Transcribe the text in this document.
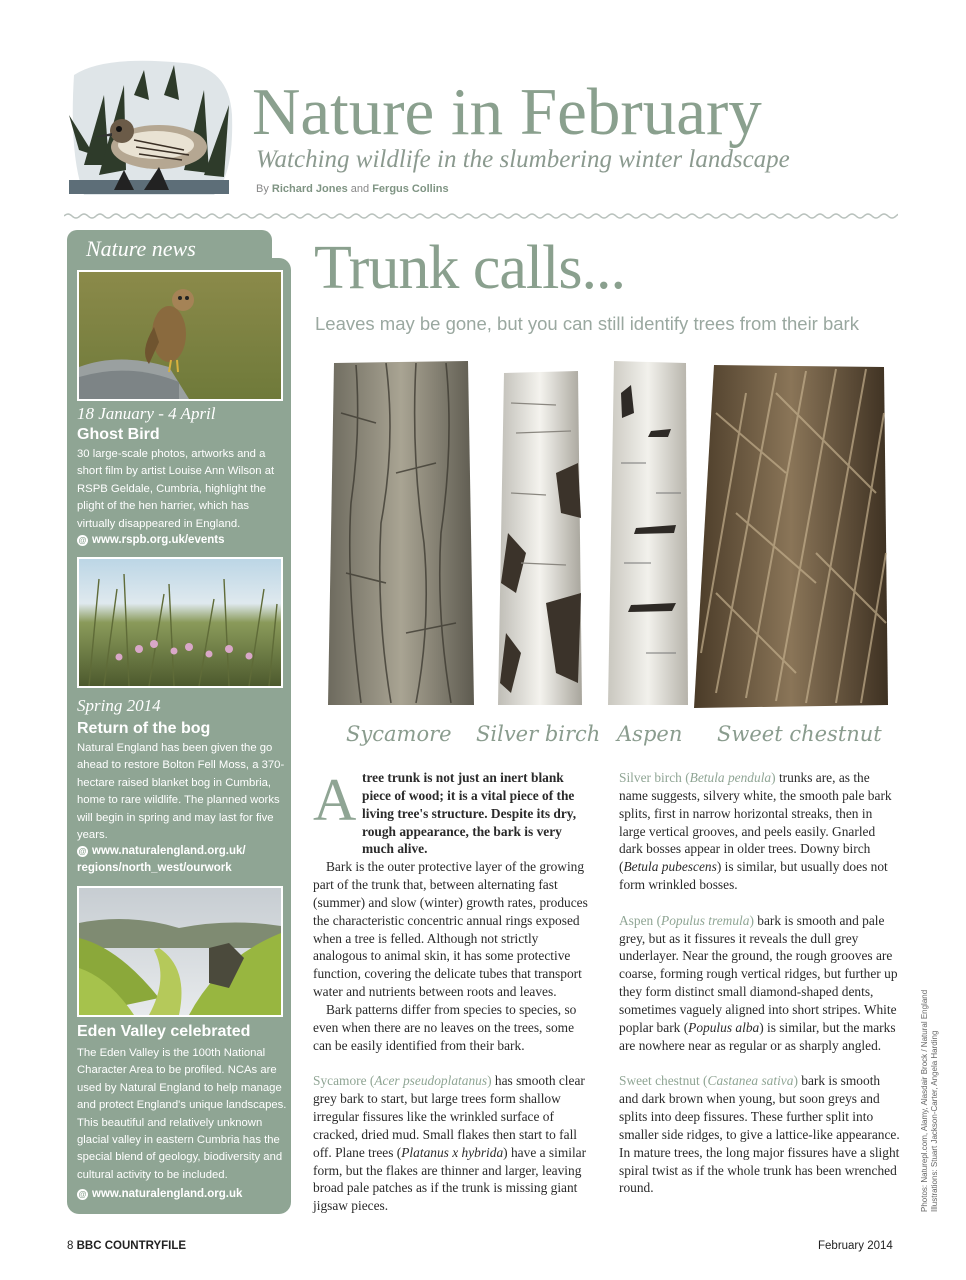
Nature in February
Watching wildlife in the slumbering winter landscape
By Richard Jones and Fergus Collins
Nature news
18 January - 4 April
Ghost Bird
30 large-scale photos, artworks and a short film by artist Louise Ann Wilson at RSPB Geldale, Cumbria, highlight the plight of the hen harrier, which has virtually disappeared in England.
@ www.rspb.org.uk/events
Spring 2014
Return of the bog
Natural England has been given the go ahead to restore Bolton Fell Moss, a 370-hectare raised blanket bog in Cumbria, home to rare wildlife. The planned works will begin in spring and may last for five years.
@ www.naturalengland.org.uk/ regions/north_west/ourwork
Eden Valley celebrated
The Eden Valley is the 100th National Character Area to be profiled. NCAs are used by Natural England to help manage and protect England's unique landscapes. This beautiful and relatively unknown glacial valley in eastern Cumbria has the special blend of geology, biodiversity and cultural activity to be included.
@ www.naturalengland.org.uk
Trunk calls...
Leaves may be gone, but you can still identify trees from their bark
Sycamore Silver birch Aspen Sweet chestnut
A tree trunk is not just an inert blank piece of wood; it is a vital piece of the living tree's structure. Despite its dry, rough appearance, the bark is very much alive.

Bark is the outer protective layer of the growing part of the trunk that, between alternating fast (summer) and slow (winter) growth rates, produces the characteristic concentric annual rings exposed when a tree is felled. Although not strictly analogous to animal skin, it has some protective function, covering the delicate tubes that transport water and nutrients between roots and leaves.

Bark patterns differ from species to species, so even when there are no leaves on the trees, some can be easily identified from their bark.

Sycamore (Acer pseudoplatanus) has smooth clear grey bark to start, but large trees form shallow irregular fissures like the wrinkled surface of cracked, dried mud. Small flakes then start to fall off. Plane trees (Platanus x hybrida) have a similar form, but the flakes are thinner and larger, leaving broad pale patches as if the trunk is missing giant jigsaw pieces.

Silver birch (Betula pendula) trunks are, as the name suggests, silvery white, the smooth pale bark splits, first in narrow horizontal streaks, then in large vertical grooves, and peels easily. Gnarled dark bosses appear in older trees. Downy birch (Betula pubescens) is similar, but usually does not form wrinkled bosses.

Aspen (Populus tremula) bark is smooth and pale grey, but as it fissures it reveals the dull grey underlayer. Near the ground, the rough grooves are coarse, forming rough vertical ridges, but further up they form distinct small diamond-shaped dents, sometimes vaguely aligned into short stripes. White poplar bark (Populus alba) is similar, but the marks are nowhere near as regular or as sharply angled.

Sweet chestnut (Castanea sativa) bark is smooth and dark brown when young, but soon greys and splits into deep fissures. These further split into smaller side ridges, to give a lattice-like appearance. In mature trees, the long major fissures have a slight spiral twist as if the whole trunk has been wrenched round.	Photos: Naturepl.com, Alamy, Alasdair Brock / Natural England Illustrations: Stuart Jackson-Carter, Angela Harding
8 BBC COUNTRYFILE	February 2014
